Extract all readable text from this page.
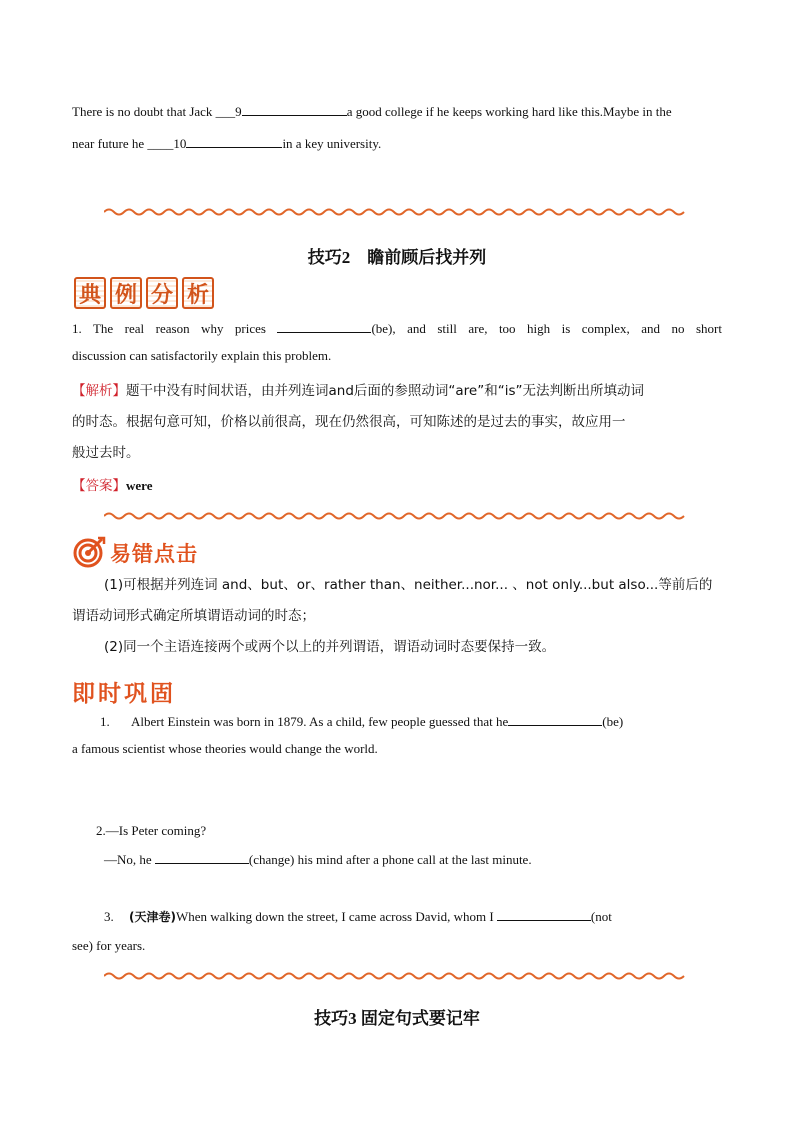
There is no doubt that Jack ___9	a good college if he keeps working hard like this.Maybe in the
near future he ____10	in a key university.
技巧2　瞻前顾后找并列
典 例 分 析
1. The real reason why prices	(be), and still are, too high is complex, and no short
discussion can satisfactorily explain this problem.
【解析】题干中没有时间状语，由并列连词and后面的参照动词“are”和“is”无法判断出所填动词
的时态。根据句意可知，价格以前很高，现在仍然很高，可知陈述的是过去的事实，故应用一
般过去时。
【答案】were
易错点击
(1)可根据并列连词 and、but、or、rather than、neither...nor... 、not only...but also...等前后的
谓语动词形式确定所填谓语动词的时态；
(2)同一个主语连接两个或两个以上的并列谓语，谓语动词时态要保持一致。
即时巩固
1. Albert Einstein was born in 1879. As a child, few people guessed that he	(be)
a famous scientist whose theories would change the world.
2.—Is Peter coming?
—No, he	(change) his mind after a phone call at the last minute.
3. (天津卷)When walking down the street, I came across David, whom I	(not
see) for years.
技巧3 固定句式要记牢
